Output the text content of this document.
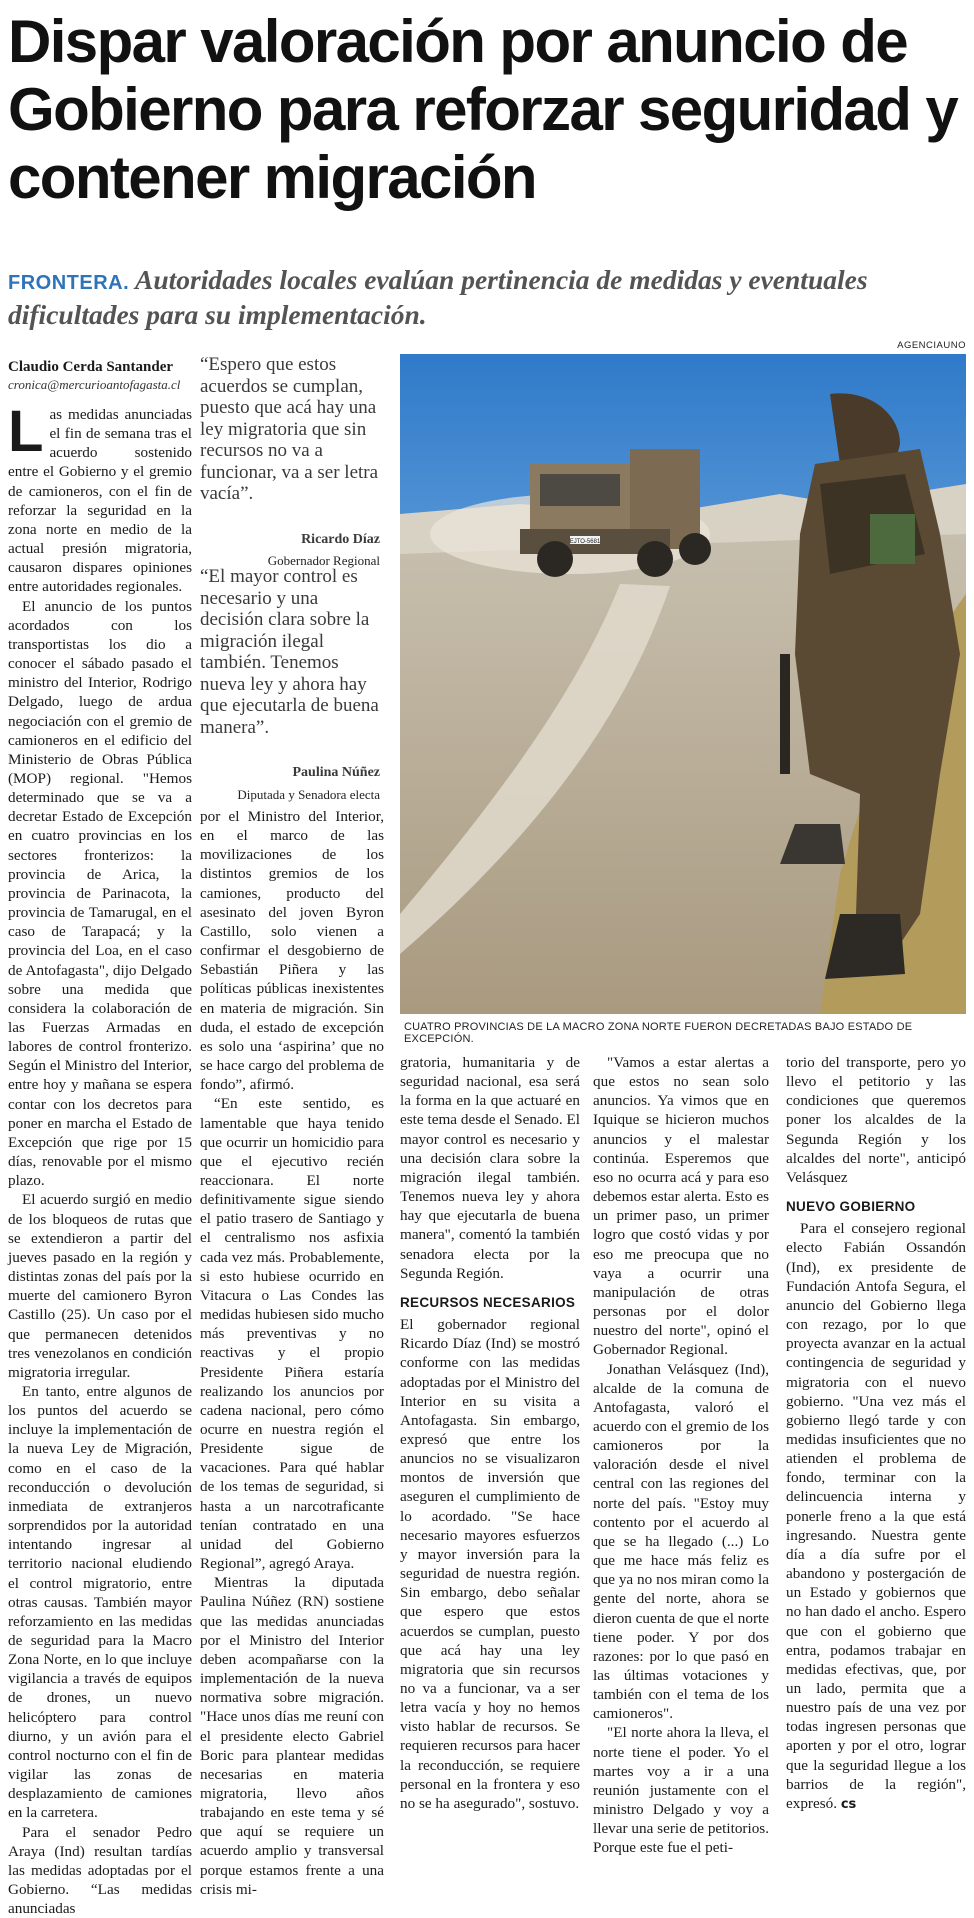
Dispar valoración por anuncio de Gobierno para reforzar seguridad y contener migración
FRONTERA. Autoridades locales evalúan pertinencia de medidas y eventuales dificultades para su implementación.
Claudio Cerda Santander
cronica@mercurioantofagasta.cl

Las medidas anunciadas el fin de semana tras el acuerdo sostenido entre el Gobierno y el gremio de camioneros, con el fin de reforzar la seguridad en la zona norte en medio de la actual presión migratoria, causaron dispares opiniones entre autoridades regionales.

El anuncio de los puntos acordados con los transportistas los dio a conocer el sábado pasado el ministro del Interior, Rodrigo Delgado, luego de ardua negociación con el gremio de camioneros en el edificio del Ministerio de Obras Pública (MOP) regional. "Hemos determinado que se va a decretar Estado de Excepción en cuatro provincias en los sectores fronterizos: la provincia de Arica, la provincia de Parinacota, la provincia de Tamarugal, en el caso de Tarapacá; y la provincia del Loa, en el caso de Antofagasta", dijo Delgado sobre una medida que considera la colaboración de las Fuerzas Armadas en labores de control fronterizo. Según el Ministro del Interior, entre hoy y mañana se espera contar con los decretos para poner en marcha el Estado de Excepción que rige por 15 días, renovable por el mismo plazo.

El acuerdo surgió en medio de los bloqueos de rutas que se extendieron a partir del jueves pasado en la región y distintas zonas del país por la muerte del camionero Byron Castillo (25). Un caso por el que permanecen detenidos tres venezolanos en condición migratoria irregular.

En tanto, entre algunos de los puntos del acuerdo se incluye la implementación de la nueva Ley de Migración, como en el caso de la reconducción o devolución inmediata de extranjeros sorprendidos por la autoridad intentando ingresar al territorio nacional eludiendo el control migratorio, entre otras causas. También mayor reforzamiento en las medidas de seguridad para la Macro Zona Norte, en lo que incluye vigilancia a través de equipos de drones, un nuevo helicóptero para control diurno, y un avión para el control nocturno con el fin de vigilar las zonas de desplazamiento de camiones en la carretera.

Para el senador Pedro Araya (Ind) resultan tardías las medidas adoptadas por el Gobierno. “Las medidas anunciadas

“Espero que estos acuerdos se cumplan, puesto que acá hay una ley migratoria que sin recursos no va a funcionar, va a ser letra vacía”.
Ricardo Díaz
Gobernador Regional
“El mayor control es necesario y una decisión clara sobre la migración ilegal también. Tenemos nueva ley y ahora hay que ejecutarla de buena manera”.
Paulina Núñez
Diputada y Senadora electa
AGENCIAUNO
EJTO-5681
CUATRO PROVINCIAS DE LA MACRO ZONA NORTE FUERON DECRETADAS BAJO ESTADO DE EXCEPCIÓN.

por el Ministro del Interior, en el marco de las movilizaciones de los distintos gremios de los camiones, producto del asesinato del joven Byron Castillo, solo vienen a confirmar el desgobierno de Sebastián Piñera y las políticas públicas inexistentes en materia de migración. Sin duda, el estado de excepción es solo una ‘aspirina’ que no se hace cargo del problema de fondo”, afirmó.

“En este sentido, es lamentable que haya tenido que ocurrir un homicidio para que el ejecutivo recién reaccionara. El norte definitivamente sigue siendo el patio trasero de Santiago y el centralismo nos asfixia cada vez más. Probablemente, si esto hubiese ocurrido en Vitacura o Las Condes las medidas hubiesen sido mucho más preventivas y no reactivas y el propio Presidente Piñera estaría realizando los anuncios por cadena nacional, pero cómo ocurre en nuestra región el Presidente sigue de vacaciones. Para qué hablar de los temas de seguridad, si hasta a un narcotraficante tenían contratado en una unidad del Gobierno Regional”, agregó Araya.

Mientras la diputada Paulina Núñez (RN) sostiene que las medidas anunciadas por el Ministro del Interior deben acompañarse con la implementación de la nueva normativa sobre migración. "Hace unos días me reuní con el presidente electo Gabriel Boric para plantear medidas necesarias en materia migratoria, llevo años trabajando en este tema y sé que aquí se requiere un acuerdo amplio y transversal porque estamos frente a una crisis mi-

gratoria, humanitaria y de seguridad nacional, esa será la forma en la que actuaré en este tema desde el Senado. El mayor control es necesario y una decisión clara sobre la migración ilegal también. Tenemos nueva ley y ahora hay que ejecutarla de buena manera", comentó la también senadora electa por la Segunda Región.

RECURSOS NECESARIOS

El gobernador regional Ricardo Díaz (Ind) se mostró conforme con las medidas adoptadas por el Ministro del Interior en su visita a Antofagasta. Sin embargo, expresó que entre los anuncios no se visualizaron montos de inversión que aseguren el cumplimiento de lo acordado. "Se hace necesario mayores esfuerzos y mayor inversión para la seguridad de nuestra región. Sin embargo, debo señalar que espero que estos acuerdos se cumplan, puesto que acá hay una ley migratoria que sin recursos no va a funcionar, va a ser letra vacía y hoy no hemos visto hablar de recursos. Se requieren recursos para hacer la reconducción, se requiere personal en la frontera y eso no se ha asegurado", sostuvo.

"Vamos a estar alertas a que estos no sean solo anuncios. Ya vimos que en Iquique se hicieron muchos anuncios y el malestar continúa. Esperemos que eso no ocurra acá y para eso debemos estar alerta. Esto es un primer paso, un primer logro que costó vidas y por eso me preocupa que no vaya a ocurrir una manipulación de otras personas por el dolor nuestro del norte", opinó el Gobernador Regional.

Jonathan Velásquez (Ind), alcalde de la comuna de Antofagasta, valoró el acuerdo con el gremio de los camioneros por la valoración desde el nivel central con las regiones del norte del país. "Estoy muy contento por el acuerdo al que se ha llegado (...) Lo que me hace más feliz es que ya no nos miran como la gente del norte, ahora se dieron cuenta de que el norte tiene poder. Y por dos razones: por lo que pasó en las últimas votaciones y también con el tema de los camioneros".

"El norte ahora la lleva, el norte tiene el poder. Yo el martes voy a ir a una reunión justamente con el ministro Delgado y voy a llevar una serie de petitorios. Porque este fue el peti-

torio del transporte, pero yo llevo el petitorio y las condiciones que queremos poner los alcaldes de la Segunda Región y los alcaldes del norte", anticipó Velásquez

NUEVO GOBIERNO

Para el consejero regional electo Fabián Ossandón (Ind), ex presidente de Fundación Antofa Segura, el anuncio del Gobierno llega con rezago, por lo que proyecta avanzar en la actual contingencia de seguridad y migratoria con el nuevo gobierno. "Una vez más el gobierno llegó tarde y con medidas insuficientes que no atienden el problema de fondo, terminar con la delincuencia interna y ponerle freno a la que está ingresando. Nuestra gente día a día sufre por el abandono y postergación de un Estado y gobiernos que no han dado el ancho. Espero que con el gobierno que entra, podamos trabajar en medidas efectivas, que, por un lado, permita que a nuestro país de una vez por todas ingresen personas que aporten y por el otro, lograr que la seguridad llegue a los barrios de la región", expresó. cs
